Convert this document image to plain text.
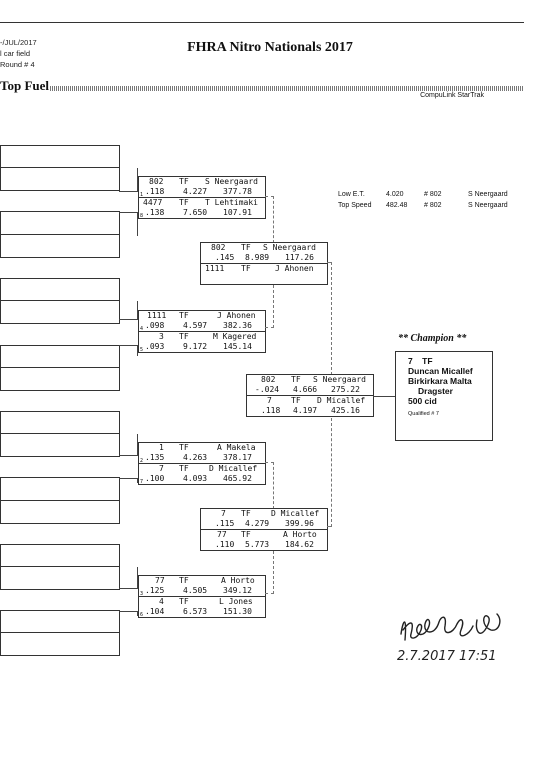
-/JUL/2017
l car field
Round # 4
FHRA Nitro Nationals 2017
Top Fuel
CompuLink StarTrak
802 TF S Neergaard
1 .118 4.227 377.78
4477 TF T Lehtimaki
8 .138 7.650 107.91
1111 TF	J Ahonen
4 .098 4.597 382.36
3 TF	M Kagered
5 .093 9.172 145.14
1 TF	A Makela
2 .135 4.263 378.17
7 TF	D Micallef
7 .100 4.093 465.92
77 TF	A Horto
3 .125 4.505 349.12
4 TF	L Jones
6 .104 6.573 151.30
802 TF S Neergaard
.145 8.989 117.26
1111 TF	J Ahonen
7 TF	D Micallef
.115 4.279 399.96
77 TF	A Horto
.110 5.773 184.62
802 TF S Neergaard
-.024 4.666 275.22
7 TF D Micallef
.118 4.197 425.16
Low E.T.	4.020	# 802	S Neergaard
Top Speed 482.48 # 802	S Neergaard
** Champion **
7    TF
Duncan Micallef
Birkirkara Malta
Dragster
500 cid
Qualified # 7
2.7.2017 17:51
